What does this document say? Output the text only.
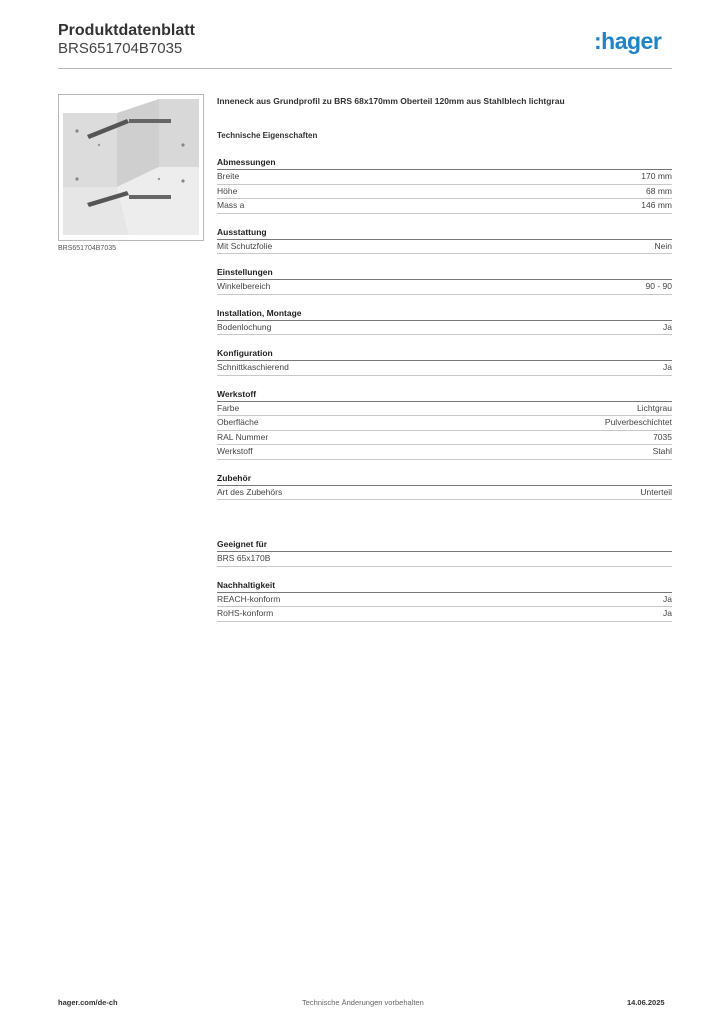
Produktdatenblatt
BRS651704B7035	:hager
BRS651704B7035
Inneneck aus Grundprofil zu BRS 68x170mm Oberteil 120mm aus Stahlblech lichtgrau
Technische Eigenschaften
Abmessungen
Breite	170 mm
Höhe	68 mm
Mass a	146 mm
Ausstattung
Mit Schutzfolie	Nein
Einstellungen
Winkelbereich	90 - 90
Installation, Montage
Bodenlochung	Ja
Konfiguration
Schnittkaschierend	Ja
Werkstoff
Farbe	Lichtgrau
Oberfläche	Pulverbeschichtet
RAL Nummer	7035
Werkstoff	Stahl
Zubehör
Art des Zubehörs	Unterteil
Geeignet für
BRS 65x170B
Nachhaltigkeit
REACH-konform	Ja
RoHS-konform	Ja
hager.com/de-ch	Technische Änderungen vorbehalten	14.06.2025
